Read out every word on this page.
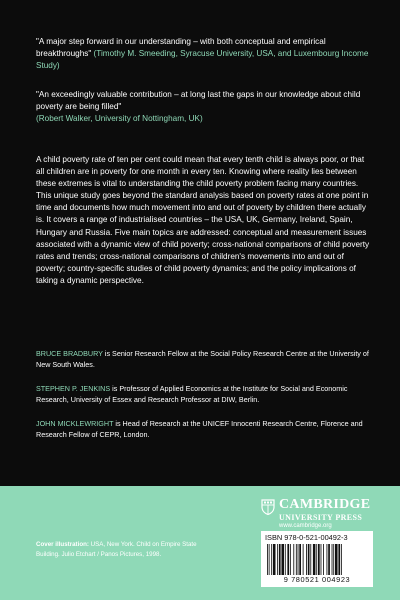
"A major step forward in our understanding – with both conceptual and empirical breakthroughs" (Timothy M. Smeeding, Syracuse University, USA, and Luxembourg Income Study)
"An exceedingly valuable contribution – at long last the gaps in our knowledge about child poverty are being filled"
(Robert Walker, University of Nottingham, UK)
A child poverty rate of ten per cent could mean that every tenth child is always poor, or that all children are in poverty for one month in every ten. Knowing where reality lies between these extremes is vital to understanding the child poverty problem facing many countries. This unique study goes beyond the standard analysis based on poverty rates at one point in time and documents how much movement into and out of poverty by children there actually is. It covers a range of industrialised countries – the USA, UK, Germany, Ireland, Spain, Hungary and Russia. Five main topics are addressed: conceptual and measurement issues associated with a dynamic view of child poverty; cross-national comparisons of child poverty rates and trends; cross-national comparisons of children's movements into and out of poverty; country-specific studies of child poverty dynamics; and the policy implications of taking a dynamic perspective.
BRUCE BRADBURY is Senior Research Fellow at the Social Policy Research Centre at the University of New South Wales.
STEPHEN P. JENKINS is Professor of Applied Economics at the Institute for Social and Economic Research, University of Essex and Research Professor at DIW, Berlin.
JOHN MICKLEWRIGHT is Head of Research at the UNICEF Innocenti Research Centre, Florence and Research Fellow of CEPR, London.
Cover illustration: USA, New York. Child on Empire State Building. Julio Etchart / Panos Pictures, 1998.
CAMBRIDGE
UNIVERSITY PRESS
www.cambridge.org
ISBN 978-0-521-00492-3
9 780521 004923
